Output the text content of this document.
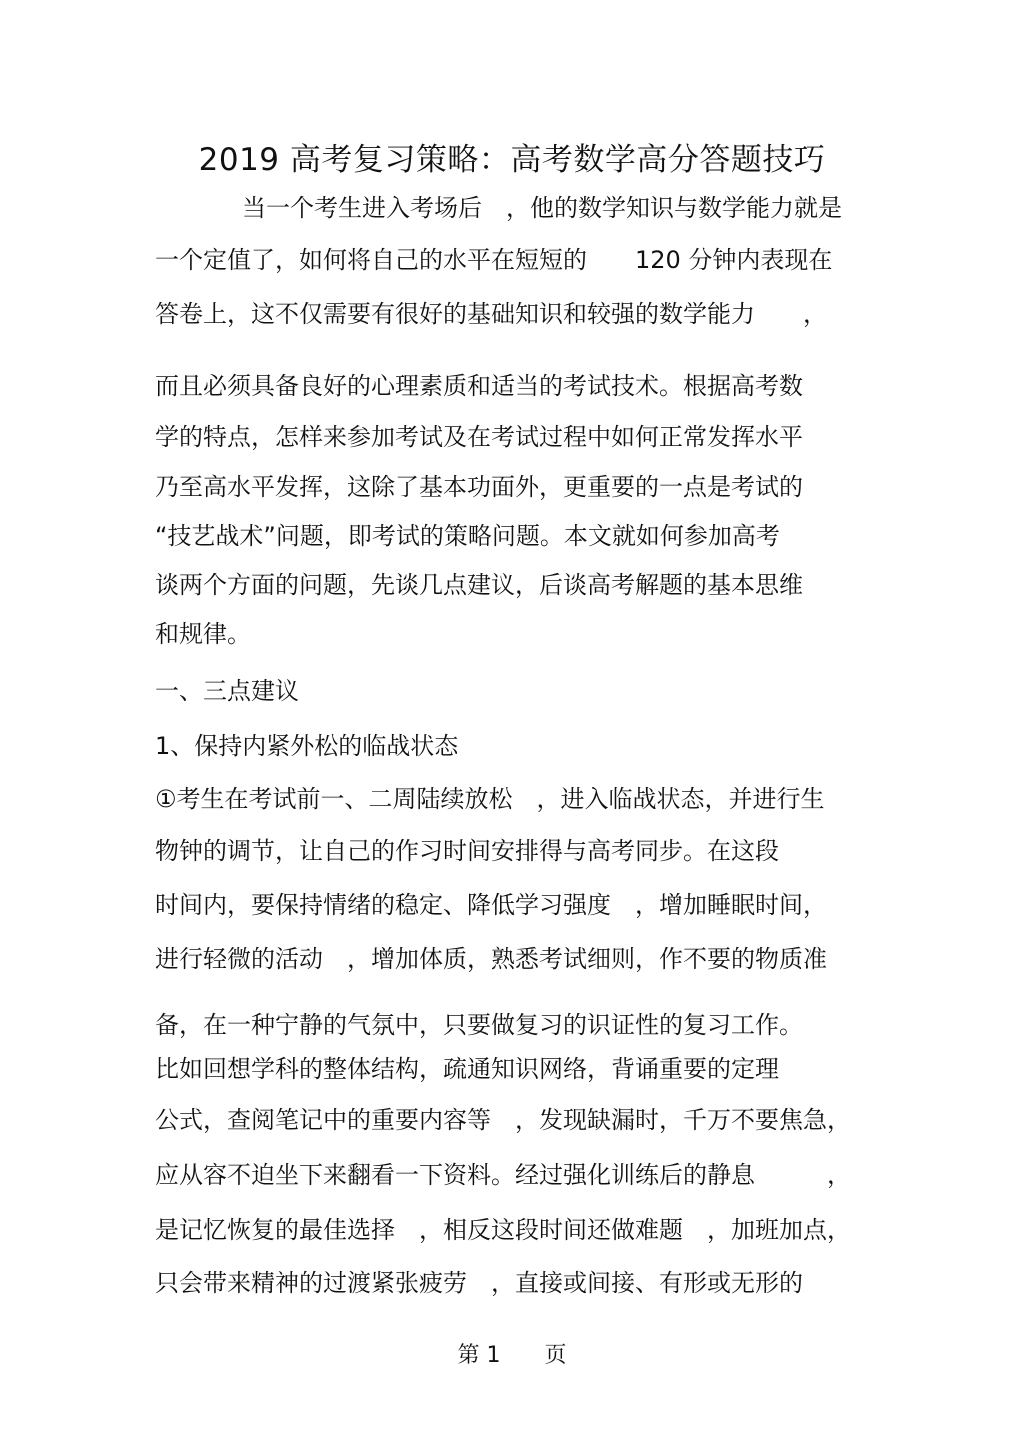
2019 高考复习策略：高考数学高分答题技巧
当一个考生进入考场后　，他的数学知识与数学能力就是
一个定值了，如何将自己的水平在短短的　　120 分钟内表现在
答卷上，这不仅需要有很好的基础知识和较强的数学能力　　，
而且必须具备良好的心理素质和适当的考试技术。根据高考数
学的特点，怎样来参加考试及在考试过程中如何正常发挥水平
乃至高水平发挥，这除了基本功面外，更重要的一点是考试的
“技艺战术”问题，即考试的策略问题。本文就如何参加高考
谈两个方面的问题，先谈几点建议，后谈高考解题的基本思维
和规律。
一、三点建议
1、保持内紧外松的临战状态
①考生在考试前一、二周陆续放松　，进入临战状态，并进行生
物钟的调节，让自己的作习时间安排得与高考同步。在这段
时间内，要保持情绪的稳定、降低学习强度　，增加睡眠时间，
进行轻微的活动　，增加体质，熟悉考试细则，作不要的物质准
备，在一种宁静的气氛中，只要做复习的识证性的复习工作。
比如回想学科的整体结构，疏通知识网络，背诵重要的定理
公式，查阅笔记中的重要内容等　，发现缺漏时，千万不要焦急，
应从容不迫坐下来翻看一下资料。经过强化训练后的静息　　　，
是记忆恢复的最佳选择　，相反这段时间还做难题　，加班加点，
只会带来精神的过渡紧张疲劳　，直接或间接、有形或无形的
第 1　　页
